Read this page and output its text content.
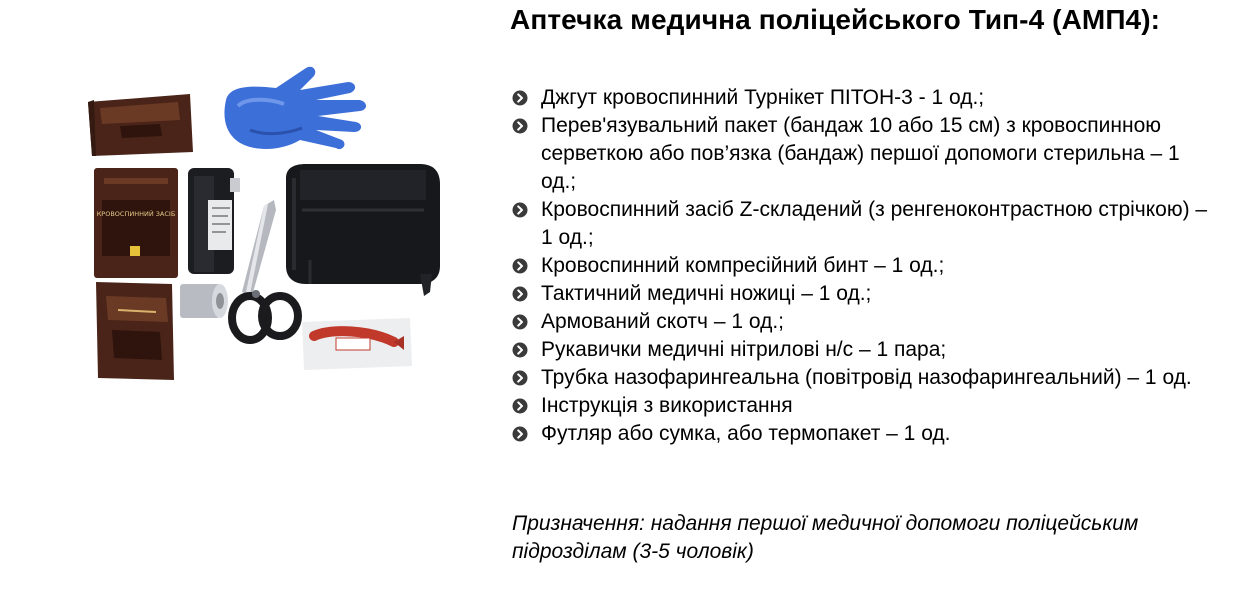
КРОВОСПИННИЙ ЗАСІБ
Аптечка медична поліцейського Тип-4 (АМП4):
Джгут кровоспинний Турнікет ПІТОН-3 - 1 од.;
Перев'язувальний пакет (бандаж 10 або 15 см) з кровоспинною серветкою або пов’язка (бандаж) першої допомоги стерильна – 1 од.;
Кровоспинний засіб Z-складений (з ренгеноконтрастною стрічкою) – 1 од.;
Кровоспинний компресійний бинт – 1 од.;
Тактичний медичні ножиці – 1 од.;
Армований скотч – 1 од.;
Рукавички медичні нітрилові н/с – 1 пара;
Трубка назофарингеальна (повітровід назофарингеальний) – 1 од.
Інструкція з використання
Футляр або сумка, або термопакет – 1 од.
Призначення: надання першої медичної допомоги поліцейським підрозділам (3-5 чоловік)
